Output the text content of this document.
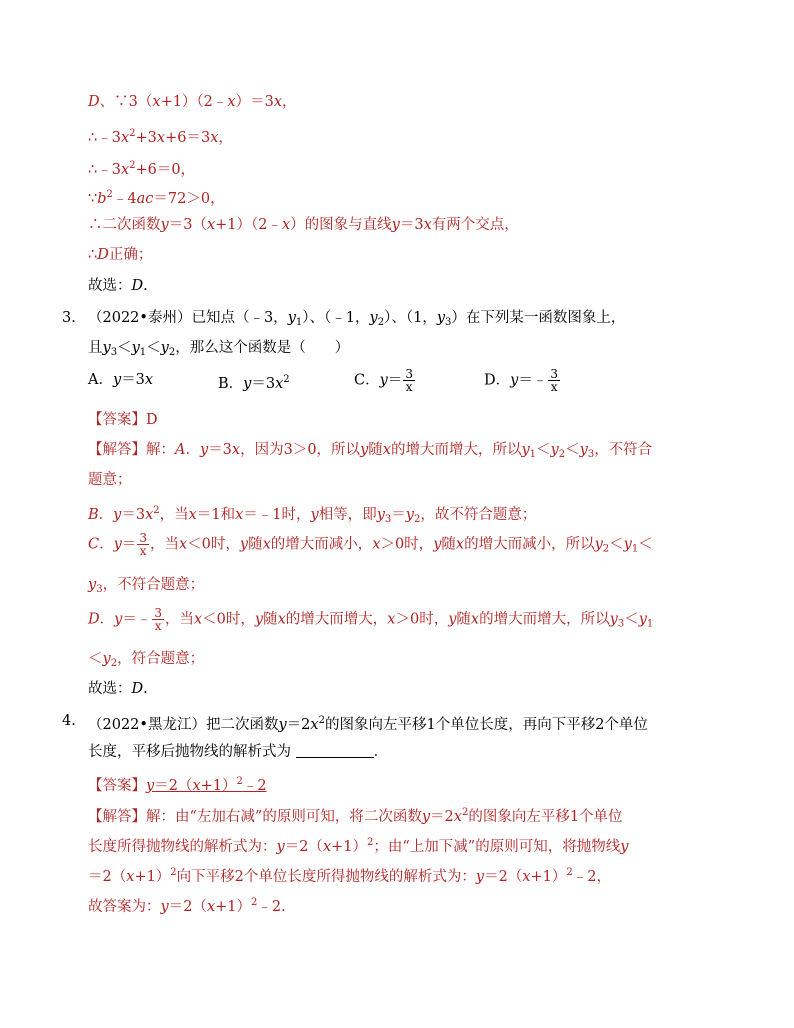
D、∵3（x+1）（2﹣x）＝3x，
$\therefore﹣3x^2+3x+6=3x$，
$\therefore﹣3x^2+6=0$，
$\because b^2﹣4ac=72>0$，
∴二次函数y＝3（x+1）（2﹣x）的图象与直线y＝3x有两个交点，
∴D正确；
故选：D.
3. （2022•泰州）已知点（﹣3，$y_1$）、（﹣1，$y_2$）、（1，$y_3$）在下列某一函数图象上，
且$y_3<y_1<y_2$，那么这个函数是（　　）
A．y＝3x	B．$y=3x^2$	C．$y= \frac{3}{x}$	D．y＝﹣ $\frac{3}{x}$
【答案】D
【解答】解：A．y＝3x，因为3＞0，所以y随x的增大而增大，所以$y_1<y_2<y_3$，不符合
题意；
B．$y=3x^2$，当x＝1和x＝﹣1时，y相等，即$y_3=y_2$，故不符合题意；
C．$y= \frac{3}{x}$ ，当x＜0时，y随x的增大而减小，x＞0时，y随x的增大而减小，所以$y_2<y_1<$
$y_3$，不符合题意；
D．y＝﹣ $\frac{3}{x}$ ，当x＜0时，y随x的增大而增大，x＞0时，y随x的增大而增大，所以$y_3<y_1$
$<y_2$，符合题意；
故选：D.
4. （2022•黑龙江）把二次函数$y=2x^2$的图象向左平移1个单位长度，再向下平移2个单位
长度，平移后抛物线的解析式为	．
【答案】$y=2(x+1)^2﹣2$
【解答】解：由“左加右减”的原则可知，将二次函数$y=2x^2$的图象向左平移1个单位
长度所得抛物线的解析式为：$y=2(x+1)^2$；由“上加下减”的原则可知，将抛物线y
$=2(x+1)^2$向下平移2个单位长度所得抛物线的解析式为：$y=2(x+1)^2﹣2$，
故答案为：$y=2(x+1)^2﹣2$.
